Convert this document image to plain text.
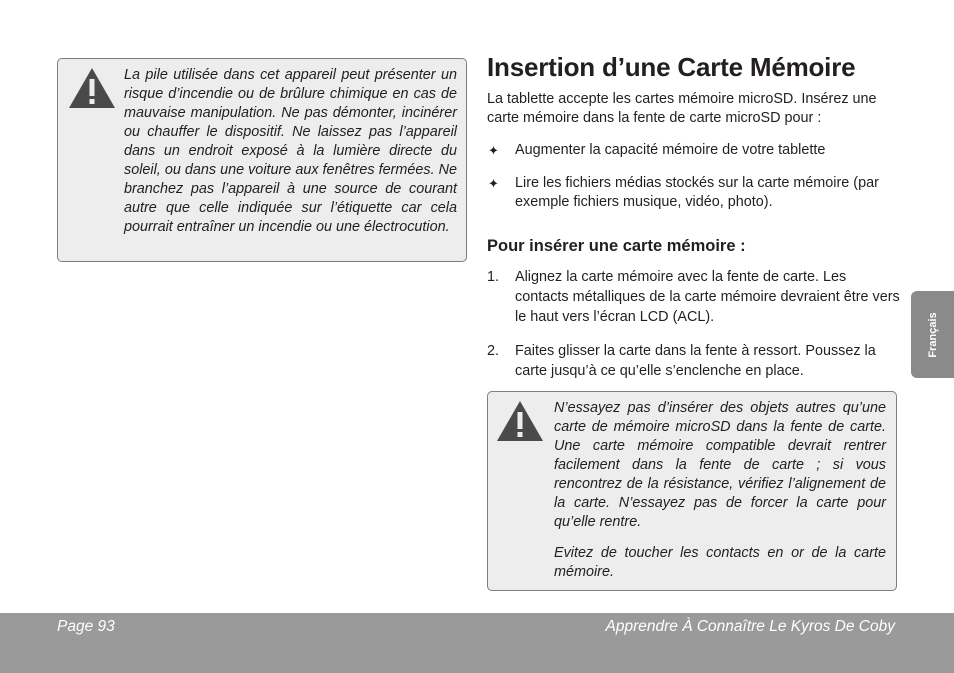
La pile utilisée dans cet appareil peut présenter un risque d’incendie ou de brûlure chimique en cas de mauvaise manipulation. Ne pas démonter, incinérer ou chauffer le dispositif. Ne laissez pas l’appareil dans un endroit exposé à la lumière directe du soleil, ou dans une voiture aux fenêtres fermées. Ne branchez pas l’appareil à une source de courant autre que celle indiquée sur l’étiquette car cela pourrait entraîner un incendie ou une électrocution.

Insertion d’une Carte Mémoire

La tablette accepte les cartes mémoire microSD. Insérez une carte mémoire dans la fente de carte microSD pour :

✦ Augmenter la capacité mémoire de votre tablette
✦ Lire les fichiers médias stockés sur la carte mémoire (par exemple fichiers musique, vidéo, photo).
Pour insérer une carte mémoire :
1. Alignez la carte mémoire avec la fente de carte. Les contacts métalliques de la carte mémoire devraient être vers le haut vers l’écran LCD (ACL).
2. Faites glisser la carte dans la fente à ressort. Poussez la carte jusqu’à ce qu’elle s’enclenche en place.

N’essayez pas d’insérer des objets autres qu’une carte de mémoire microSD dans la fente de carte. Une carte mémoire compatible devrait rentrer facilement dans la fente de carte ; si vous rencontrez de la résistance, vérifiez l’alignement de la carte. N’essayez pas de forcer la carte pour qu’elle rentre.

Evitez de toucher les contacts en or de la carte mémoire.

Français
Page 93	Apprendre À Connaître Le Kyros De Coby
